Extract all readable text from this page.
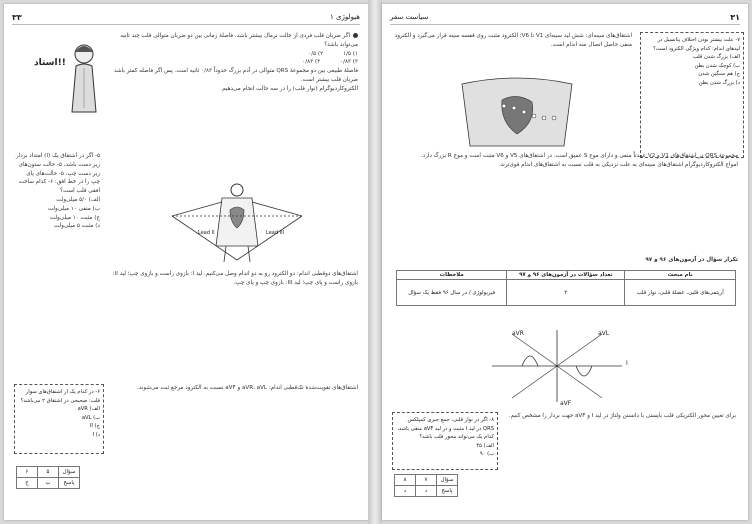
۳۳	هیولوژی ۱
استاد!!
۵- اگر در اشتقاق یک (I) امتداد بردار زیر دست باشد، ۵- حالت ستون‌های زیر دست چپ، ۵- حالت‌های پای چپ را در خط افق: ۶- کدام ساخت افقی قلب است؟
الف) ۵/۰ میلی‌ولت
ب) منفی ۱۰ میلی‌ولت
ج) مثبت ۱۰ میلی‌ولت
د) مثبت ۵ میلی‌ولت
۶- در کدام یک از اشتقاق‌های سوار قلب: صحیحی در اشتقاق ۲ می‌باشد؟
الف) aVR
ب) aVL
ج) II
د) I
۶	۵	سؤال
ج	ب	پاسخ
اگر ضربان قلب فردی از حالت نرمال بیشتر باشد، فاصلهٔ زمانی بین دو ضربان متوالی قلب چند ثانیه می‌تواند باشد؟
۱) ۱/۵
۲) ۰/۵
۳) ۰/۸۳
۴) ۰/۸۳
فاصلهٔ طبیعی بین دو مجموعهٔ QRS متوالی در آدم بزرگ حدوداً ۰/۸۳ ثانیه است. پس اگر فاصله کمتر باشد ضربان قلب بیشتر است.
الکتروکاردیوگرام (نوار قلب) را در سه حالت انجام می‌دهیم.
Lead II	Lead III
اشتقاق‌های دوقطبی اندام: دو الکترود رو به دو اندام وصل می‌کنیم. لید I: بازوی راست و بازوی چپ؛ لید II: بازوی راست و پای چپ؛ لید III: بازوی چپ و پای چپ.
اشتقاق‌های تقویت‌شدهٔ تک‌قطبی اندام: aVR، aVL و aVF نسبت به الکترود مرجع ثبت می‌شوند.
سیاست سفر	۳۱
۷- علت بیشتر بودن اختلاف پتانسیل در لیدهای اندام: کدام ویژگی الکترود است؟
الف) بزرگ شدن قلب
ب) کوچک شدن بطن
ج) هم سنگین شدن
د) بزرگ شدن بطن
اشتقاق‌های سینه‌ای: شش لید سینه‌ای V1 تا V6؛ الکترود مثبت روی قفسه سینه قرار می‌گیرد و الکترود منفی حاصل اتصال سه اندام است.
مجموعهٔ QRS در اشتقاق‌های V1 و V2 عمدتاً منفی و دارای موج S عمیق است. در اشتقاق‌های V5 و V6 مثبت است و موج R بزرگ دارد.
امواج الکتروکاردیوگرام اشتقاق‌های سینه‌ای به علت نزدیکی به قلب نسبت به اشتقاق‌های اندام قوی‌ترند.
تکرار سؤال در آزمون‌های ۹۶ و ۹۷
نام مبحث	تعداد سؤالات در آزمون‌های ۹۶ و ۹۷	ملاحظات
آریتمی‌های قلبی، عضلهٔ قلبی، نوار قلب	۲	فیزیولوژی / در سال ۹۶ فقط یک سؤال
I
aVF
aVR	aVL
برای تعیین محور الکتریکی قلب بایستی با دانستن ولتاژ در لید I و aVF جهت بردار را مشخص کنیم.
۸- اگر در نوار قلبی، جمع جبری کمپلکس QRS در لید I مثبت و در لید aVF منفی باشد، کدام یک می‌تواند محور قلب باشد؟
الف) ۴۵
ب) ۹۰
۸	۷	سؤال
د	د	پاسخ
